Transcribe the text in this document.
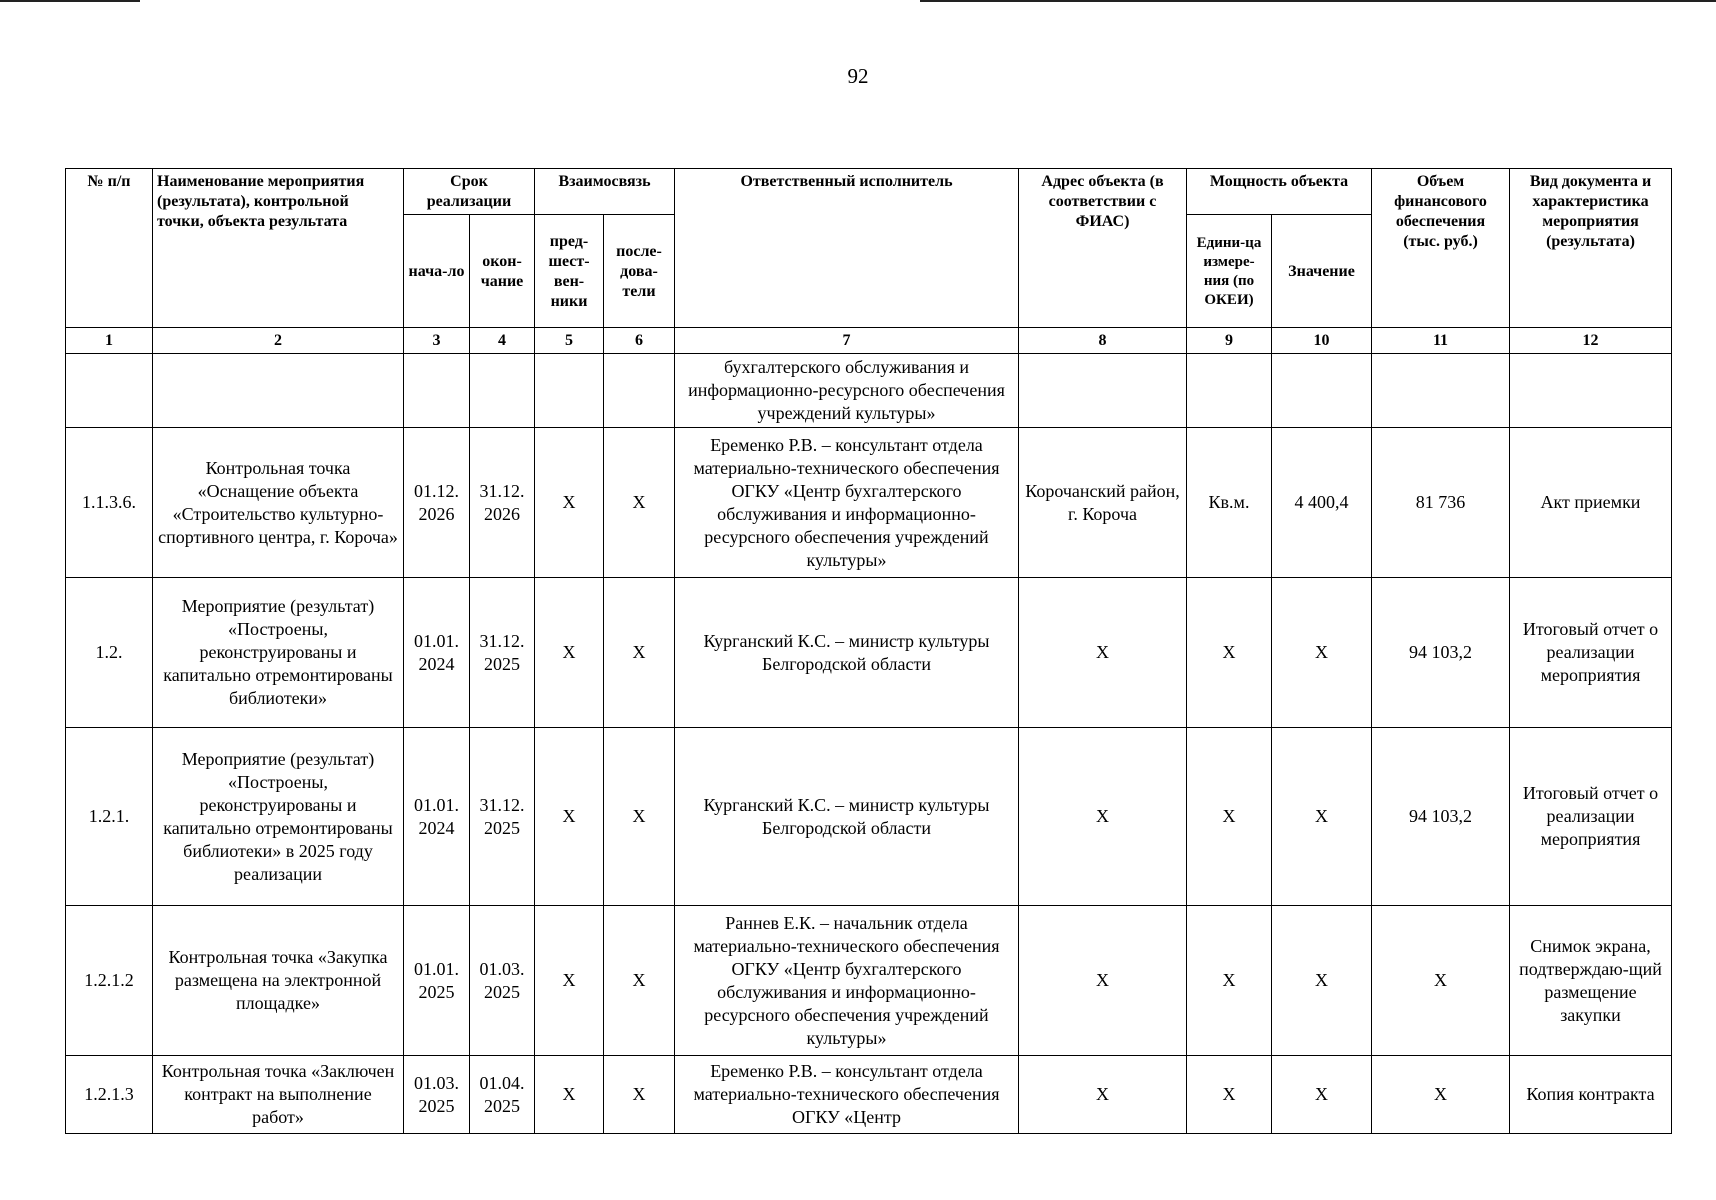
92
№ п/п	Наименование мероприятия (результата), контрольной точки, объекта результата	Срок реализации		Взаимосвязь		Ответственный исполнитель	Адрес объекта (в соответствии с ФИАС)	Мощность объекта		Объем финансового обеспечения (тыс. руб.)	Вид документа и характеристика мероприятия (результата)
		нача-ло	окон-чание	пред-шест-вен-ники	после-дова-тели			Едини-ца измере-ния (по ОКЕИ)	Значение		
1	2	3	4	5	6	7	8	9	10	11	12
						бухгалтерского обслуживания и информационно-ресурсного обеспечения учреждений культуры»					
1.1.3.6.	Контрольная точка «Оснащение объекта «Строительство культурно-спортивного центра, г. Короча»	01.12. 2026	31.12. 2026	X	X	Еременко Р.В. – консультант отдела материально-технического обеспечения ОГКУ «Центр бухгалтерского обслуживания и информационно-ресурсного обеспечения учреждений культуры»	Корочанский район, г. Короча	Кв.м.	4 400,4	81 736	Акт приемки
1.2.	Мероприятие (результат) «Построены, реконструированы и капитально отремонтированы библиотеки»	01.01. 2024	31.12. 2025	X	X	Курганский К.С. – министр культуры Белгородской области	X	X	X	94 103,2	Итоговый отчет о реализации мероприятия
1.2.1.	Мероприятие (результат) «Построены, реконструированы и капитально отремонтированы библиотеки» в 2025 году реализации	01.01. 2024	31.12. 2025	X	X	Курганский К.С. – министр культуры Белгородской области	X	X	X	94 103,2	Итоговый отчет о реализации мероприятия
1.2.1.2	Контрольная точка «Закупка размещена на электронной площадке»	01.01. 2025	01.03. 2025	X	X	Раннев Е.К. – начальник отдела материально-технического обеспечения ОГКУ «Центр бухгалтерского обслуживания и информационно-ресурсного обеспечения учреждений культуры»	X	X	X	X	Снимок экрана, подтверждаю-щий размещение закупки
1.2.1.3	Контрольная точка «Заключен контракт на выполнение работ»	01.03. 2025	01.04. 2025	X	X	Еременко Р.В. – консультант отдела материально-технического обеспечения ОГКУ «Центр	X	X	X	X	Копия контракта
